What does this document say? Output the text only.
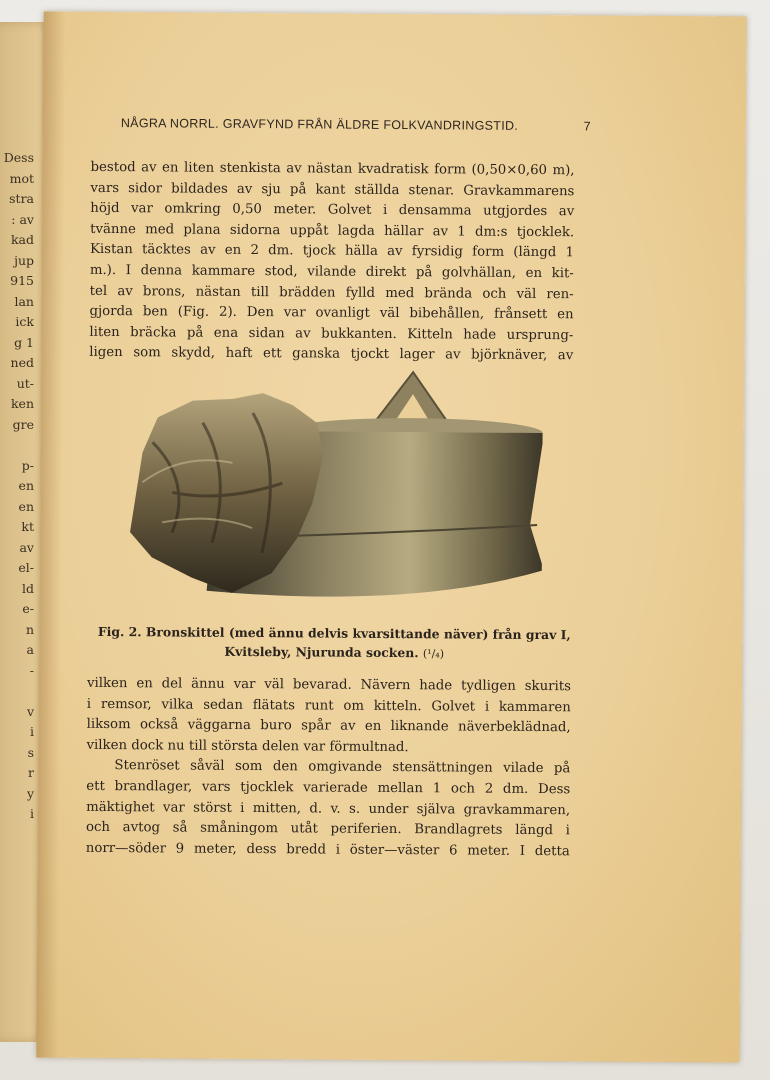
Dess
mot
stra
: av
kad
jup
915
lan
ick
g 1
ned
ut-
ken
gre
p-
en
en
kt
av
el-
ld
e-
n
a
-
v
i
s
r
y
i
NÅGRA NORRL. GRAVFYND FRÅN ÄLDRE FOLKVANDRINGSTID.	7
bestod av en liten stenkista av nästan kvadratisk form (0,50×0,60 m),
vars sidor bildades av sju på kant ställda stenar. Gravkammarens
höjd var omkring 0,50 meter. Golvet i densamma utgjordes av
tvänne med plana sidorna uppåt lagda hällar av 1 dm:s tjocklek.
Kistan täcktes av en 2 dm. tjock hälla av fyrsidig form (längd 1
m.). I denna kammare stod, vilande direkt på golvhällan, en kit-
tel av brons, nästan till brädden fylld med brända och väl ren-
gjorda ben (Fig. 2). Den var ovanligt väl bibehållen, frånsett en
liten bräcka på ena sidan av bukkanten. Kitteln hade ursprung-
ligen som skydd, haft ett ganska tjockt lager av björknäver, av
Fig. 2. Bronskittel (med ännu delvis kvarsittande näver) från grav I,
Kvitsleby, Njurunda socken. (¹/₄)
vilken en del ännu var väl bevarad. Nävern hade tydligen skurits
i remsor, vilka sedan flätats runt om kitteln. Golvet i kammaren
liksom också väggarna buro spår av en liknande näverbeklädnad,
vilken dock nu till största delen var förmultnad.
Stenröset såväl som den omgivande stensättningen vilade på
ett brandlager, vars tjocklek varierade mellan 1 och 2 dm. Dess
mäktighet var störst i mitten, d. v. s. under själva gravkammaren,
och avtog så småningom utåt periferien. Brandlagrets längd i
norr—söder 9 meter, dess bredd i öster—väster 6 meter. I detta
